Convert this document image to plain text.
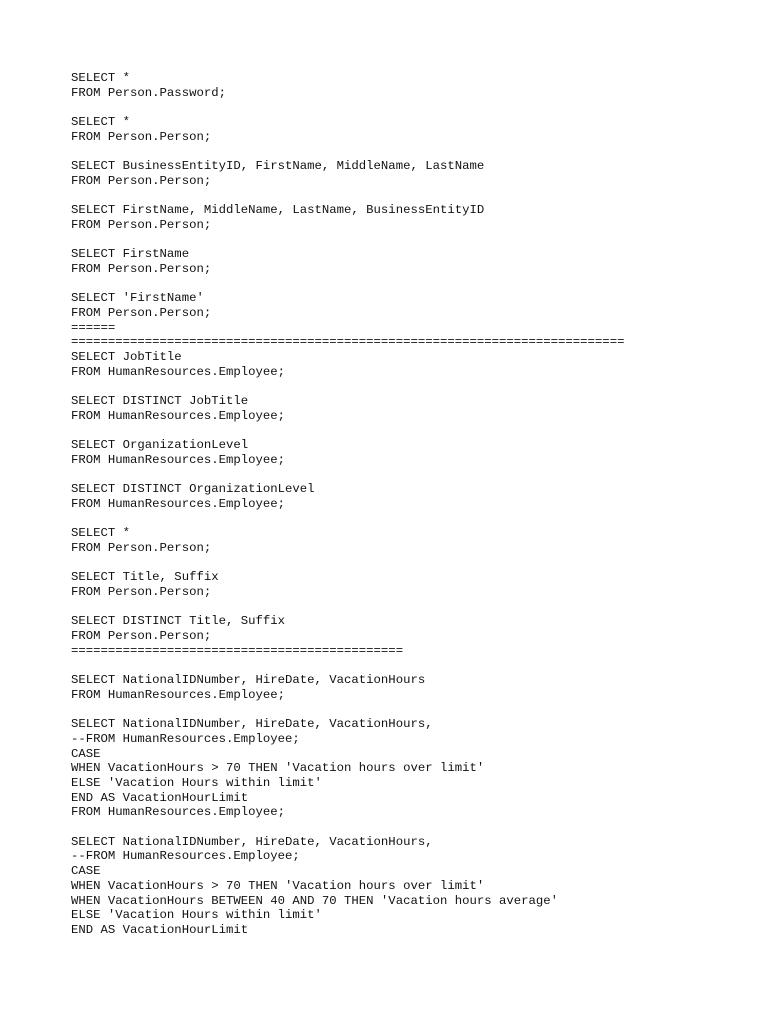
SELECT *
FROM Person.Password;
SELECT *
FROM Person.Person;
SELECT BusinessEntityID, FirstName, MiddleName, LastName
FROM Person.Person;
SELECT FirstName, MiddleName, LastName, BusinessEntityID
FROM Person.Person;
SELECT FirstName
FROM Person.Person;
SELECT 'FirstName'
FROM Person.Person;
======
===========================================================================
SELECT JobTitle
FROM HumanResources.Employee;
SELECT DISTINCT JobTitle
FROM HumanResources.Employee;
SELECT OrganizationLevel
FROM HumanResources.Employee;
SELECT DISTINCT OrganizationLevel
FROM HumanResources.Employee;
SELECT *
FROM Person.Person;
SELECT Title, Suffix
FROM Person.Person;
SELECT DISTINCT Title, Suffix
FROM Person.Person;
=============================================
SELECT NationalIDNumber, HireDate, VacationHours
FROM HumanResources.Employee;
SELECT NationalIDNumber, HireDate, VacationHours,
--FROM HumanResources.Employee;
CASE
WHEN VacationHours > 70 THEN 'Vacation hours over limit'
ELSE 'Vacation Hours within limit'
END AS VacationHourLimit
FROM HumanResources.Employee;
SELECT NationalIDNumber, HireDate, VacationHours,
--FROM HumanResources.Employee;
CASE
WHEN VacationHours > 70 THEN 'Vacation hours over limit'
WHEN VacationHours BETWEEN 40 AND 70 THEN 'Vacation hours average'
ELSE 'Vacation Hours within limit'
END AS VacationHourLimit
